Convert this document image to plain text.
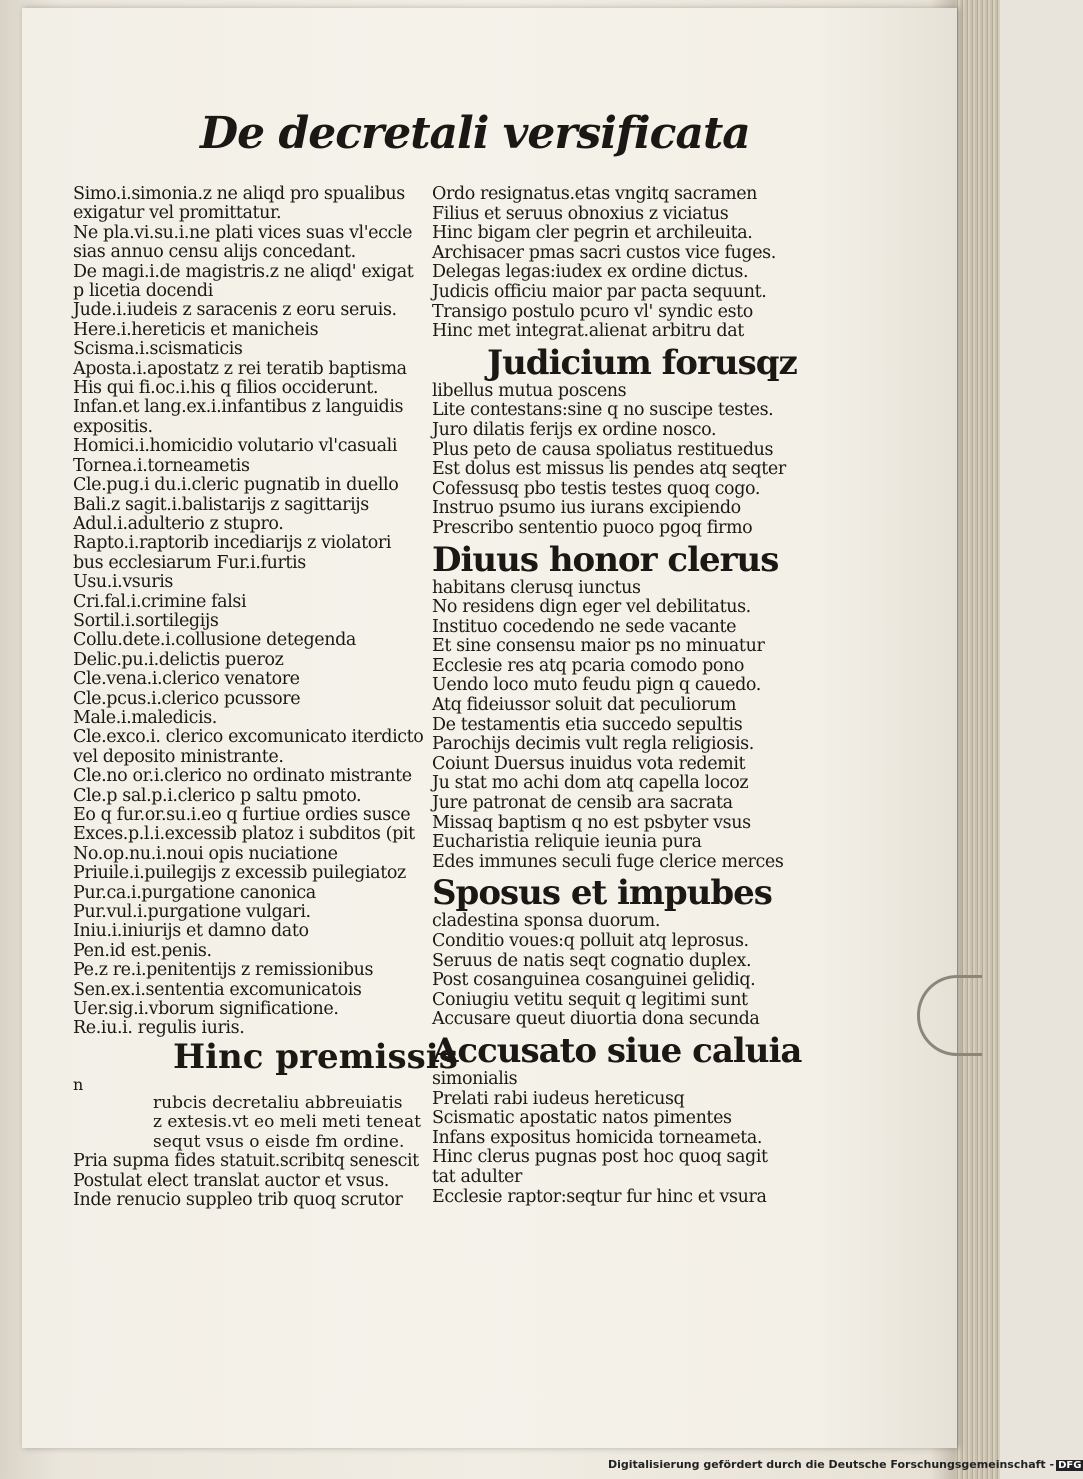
De decretali versificata
Simo.i.simonia.z ne aliqd pro spualibus
exigatur vel promittatur.
Ne pla.vi.su.i.ne plati vices suas vl'eccle
sias annuo censu alijs concedant.
De magi.i.de magistris.z ne aliqd' exigat
p licetia docendi
Jude.i.iudeis z saracenis z eoru seruis.
Here.i.hereticis et manicheis
Scisma.i.scismaticis
Aposta.i.apostatz z rei teratib baptisma
His qui fi.oc.i.his q filios occiderunt.
Infan.et lang.ex.i.infantibus z languidis
expositis.
Homici.i.homicidio volutario vl'casuali
Tornea.i.torneametis
Cle.pug.i du.i.cleric pugnatib in duello
Bali.z sagit.i.balistarijs z sagittarijs
Adul.i.adulterio z stupro.
Rapto.i.raptorib incediarijs z violatori
bus ecclesiarum Fur.i.furtis
Usu.i.vsuris
Cri.fal.i.crimine falsi
Sortil.i.sortilegijs
Collu.dete.i.collusione detegenda
Delic.pu.i.delictis pueroz
Cle.vena.i.clerico venatore
Cle.pcus.i.clerico pcussore
Male.i.maledicis.
Cle.exco.i. clerico excomunicato iterdicto
vel deposito ministrante.
Cle.no or.i.clerico no ordinato mistrante
Cle.p sal.p.i.clerico p saltu pmoto.
Eo q fur.or.su.i.eo q furtiue ordies susce
Exces.p.l.i.excessib platoz i subditos (pit
No.op.nu.i.noui opis nuciatione
Priuile.i.puilegijs z excessib puilegiatoz
Pur.ca.i.purgatione canonica
Pur.vul.i.purgatione vulgari.
Iniu.i.iniurijs et damno dato
Pen.id est.penis.
Pe.z re.i.penitentijs z remissionibus
Sen.ex.i.sententia excomunicatois
Uer.sig.i.vborum significatione.
Re.iu.i. regulis iuris.
Hinc premissis
n
rubcis decretaliu abbreuiatis
z extesis.vt eo meli meti teneat
sequt vsus o eisde fm ordine.
Pria supma fides statuit.scribitq senescit
Postulat elect translat auctor et vsus.
Inde renucio suppleo trib quoq scrutor
Ordo resignatus.etas vngitq sacramen
Filius et seruus obnoxius z viciatus
Hinc bigam cler pegrin et archileuita.
Archisacer pmas sacri custos vice fuges.
Delegas legas:iudex ex ordine dictus.
Judicis officiu maior par pacta sequunt.
Transigo postulo pcuro vl' syndic esto
Hinc met integrat.alienat arbitru dat
Judicium forusqz
libellus mutua poscens
Lite contestans:sine q no suscipe testes.
Juro dilatis ferijs ex ordine nosco.
Plus peto de causa spoliatus restituedus
Est dolus est missus lis pendes atq seqter
Cofessusq pbo testis testes quoq cogo.
Instruo psumo ius iurans excipiendo
Prescribo sententio puoco pgoq firmo
Diuus honor clerus
habitans clerusq iunctus
No residens dign eger vel debilitatus.
Instituo cocedendo ne sede vacante
Et sine consensu maior ps no minuatur
Ecclesie res atq pcaria comodo pono
Uendo loco muto feudu pign q cauedo.
Atq fideiussor soluit dat peculiorum
De testamentis etia succedo sepultis
Parochijs decimis vult regla religiosis.
Coiunt Duersus inuidus vota redemit
Ju stat mo achi dom atq capella locoz
Jure patronat de censib ara sacrata
Missaq baptism q no est psbyter vsus
Eucharistia reliquie ieunia pura
Edes immunes seculi fuge clerice merces
Sposus et impubes
cladestina sponsa duorum.
Conditio voues:q polluit atq leprosus.
Seruus de natis seqt cognatio duplex.
Post cosanguinea cosanguinei gelidiq.
Coniugiu vetitu sequit q legitimi sunt
Accusare queut diuortia dona secunda
Accusato siue caluia
simonialis
Prelati rabi iudeus hereticusq
Scismatic apostatic natos pimentes
Infans expositus homicida torneameta.
Hinc clerus pugnas post hoc quoq sagit
tat adulter
Ecclesie raptor:seqtur fur hinc et vsura
Digitalisierung gefördert durch die Deutsche Forschungsgemeinschaft - DFG
